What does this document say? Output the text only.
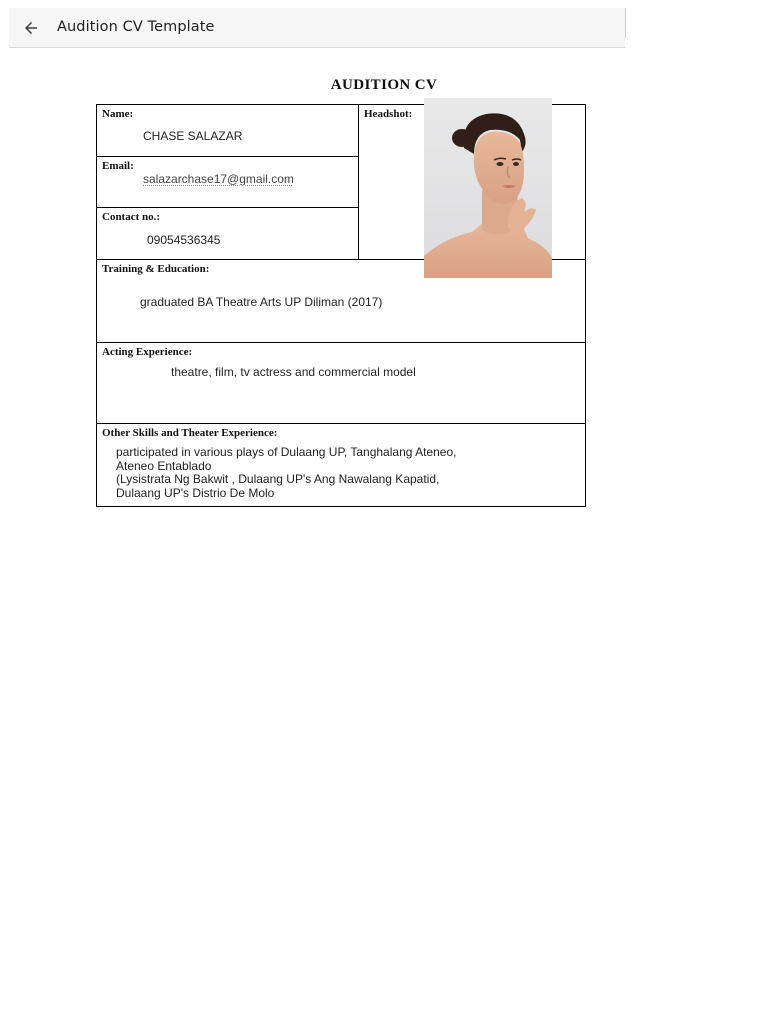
Audition CV Template
AUDITION CV
Name:
CHASE SALAZAR
Email:
salazarchase17@gmail.com
Contact no.:
09054536345
Headshot:
Training & Education:
graduated BA Theatre Arts UP Diliman (2017)
Acting Experience:
theatre, film, tv actress and commercial model
Other Skills and Theater Experience:
participated in various plays of Dulaang UP, Tanghalang Ateneo,
Ateneo Entablado
(Lysistrata Ng Bakwit , Dulaang UP's Ang Nawalang Kapatid,
Dulaang UP's Distrio De Molo
